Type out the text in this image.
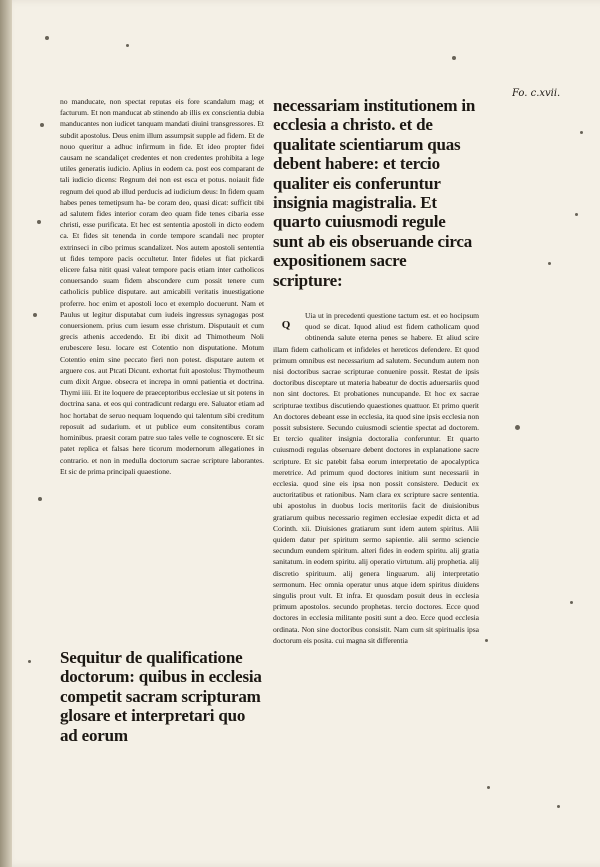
Fo. c.xvii.
no manducate, non spectat reputas eis fore scandalum mag; et facturum. Et non manducat ab stinendo ab illis ex conscientia dubia manducantes non iudicet tanquam mandati diuini transgressores. Et subdit apostolus. Deus enim illum assumpsit supple ad fidem. Et de nouo queritur a adhuc infirmum in fide. Et ideo propter fidei causam ne scandaliçet credentes et non credentes prohibita a lege utiles generatis iudicio. Aplius in eodem ca. post eos comparant de tali iudicio dicens: Regnum dei non est esca et potus. noiauit fide regnum dei quod ab illud perducis ad iudicium deus: In fidem quam habes penes temetipsum ha- be coram deo, quasi dicat: sufficit tibi ad salutem fides interior coram deo quam fide tenes cibaria esse christi, esse purificata. Et hec est sententia apostoli in dicto eodem ca. Et fides sit tenenda in corde tempore scandali nec propter extrinseci in cibo primus scandalizet. Nos autem apostoli sententia ut fides tempore pacis occultetur. Inter fideles ut fiat pickardi elicere falsa nitit quasi valeat tempore pacis etiam inter catholicos conuersando suam fidem abscondere cum possit tenere cum catholicis publice disputare. aut amicabili veritatis inuestigatione proferre. hoc enim et apostoli loco et exemplo docuerunt. Nam et Paulus ut legitur disputabat cum iudeis ingressus synagogas post conuersionem. prius cum iesum esse christum. Disputauit et cum grecis athenis accedendo. Et ibi dixit ad Thimotheum Noli erubescere Iesu. locare est Cotentio non disputatione. Motum Cotentio enim sine peccato fieri non potest. disputare autem et arguere cos. aut Ptcati Dicunt. exhortat fuit apostolus: Thymotheum cum dixit Argue. obsecra et increpa in omni patientia et doctrina. Thymi iiii. Et ite loquere de praeceptoribus ecclesiae ut sit potens in doctrina sana. et eos qui contradicunt redargu ere. Saluator etiam ad hoc hortabat de seruo nequam loquendo qui talentum sibi creditum reposuit ad sudarium. et ut publice eum consitentibus coram hominibus. praesit coram patre suo tales velle te cognoscere. Et sic patet replica et falsas here ticorum modernorum allegationes in contrario. et non in medulla doctorum sacrae scripture laborantes. Et sic de prima principali quaestione.
Sequitur de qualificatione doctorum: quibus in ecclesia competit sacram scripturam glosare et interpretari quo ad eorum
necessariam institutionem in ecclesia a christo. et de qualitate scientiarum quas debent habere: et tercio qualiter eis conferuntur insignia magistralia. Et quarto cuiusmodi regule sunt ab eis obseruande circa expositionem sacre scripture:
Q
Uia ut in precedenti questione tactum est. et eo hocipsum quod se dicat. Iquod aliud est fidem catholicam quod obtinenda salute eterna penes se habere. Et aliud scire illam fidem catholicam et infideles et hereticos defendere. Et quod primum omnibus est necessarium ad salutem. Secundum autem non nisi doctoribus sacrae scripturae conuenire possit. Restat de ipsis doctoribus disceptare ut materia habeatur de doctis aduersariis quod non sint doctores. Et probationes nuncupande. Et hoc ex sacrae scripturae textibus discutiendo quaestiones quattuor. Et primo querit An doctores debeant esse in ecclesia, ita quod sine ipsis ecclesia non possit subsistere. Secundo cuiusmodi scientie spectat ad doctorem. Et tercio qualiter insignia doctoralia conferuntur. Et quarto cuiusmodi regulas obseruare debent doctores in explanatione sacre scripture. Et sic patebit falsa eorum interpretatio de apocalyptica meretrice. Ad primum quod doctores initium sunt necessarii in ecclesia. quod sine eis ipsa non possit consistere. Deducit ex auctoritatibus et rationibus. Nam clara ex scripture sacre sententia. ubi apostolus in duobus locis meritoriis facit de diuisionibus gratiarum quibus necessario regimen ecclesiae expedit dicta et ad Corinth. xii. Diuisiones gratiarum sunt idem autem spiritus. Alii quidem datur per spiritum sermo sapientie. alii sermo sciencie secundum eundem spiritum. alteri fides in eodem spiritu. alij gratia sanitatum. in eodem spiritu. alij operatio virtutum. alij prophetia. alij discretio spirituum. alij genera linguarum. alij interpretatio sermonum. Hec omnia operatur unus atque idem spiritus diuidens singulis prout vult. Et infra. Et quosdam posuit deus in ecclesia primum apostolos. secundo prophetas. tercio doctores. Ecce quod doctores in ecclesia militante positi sunt a deo. Ecce quod ecclesia ordinata. Non sine doctoribus consistit. Nam cum sit spiritualis ipsa doctorum eis posita. cui magna sit differentia
